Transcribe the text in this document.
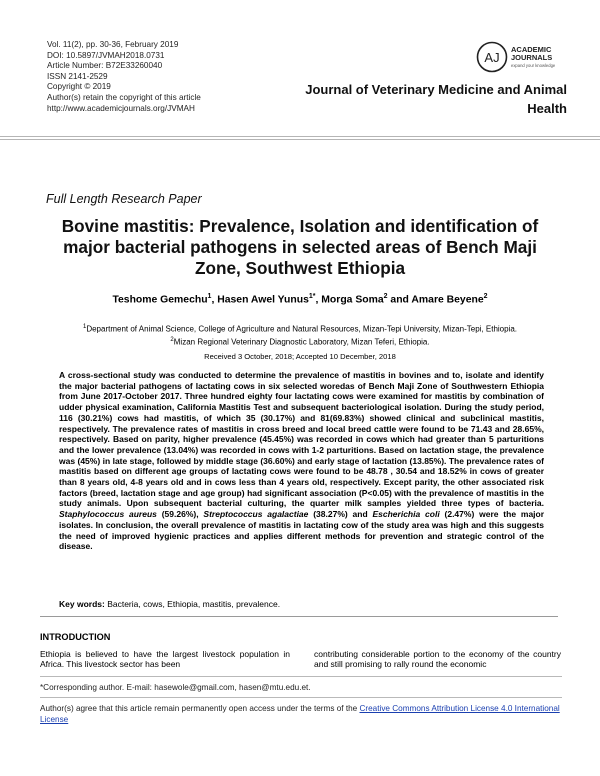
Vol. 11(2), pp. 30-36, February 2019
DOI: 10.5897/JVMAH2018.0731
Article Number: B72E33260040
ISSN 2141-2529
Copyright © 2019
Author(s) retain the copyright of this article
http://www.academicjournals.org/JVMAH
AJ
ACADEMIC
JOURNALS
expand your knowledge
Journal of Veterinary Medicine and Animal Health
Full Length Research Paper
Bovine mastitis: Prevalence, Isolation and identification of major bacterial pathogens in selected areas of Bench Maji Zone, Southwest Ethiopia
Teshome Gemechu$^1$, Hasen Awel Yunus$^{1*}$, Morga Soma$^2$ and Amare Beyene$^2$
$^1$Department of Animal Science, College of Agriculture and Natural Resources, Mizan-Tepi University, Mizan-Tepi, Ethiopia.
$^2$Mizan Regional Veterinary Diagnostic Laboratory, Mizan Teferi, Ethiopia.
Received 3 October, 2018; Accepted 10 December, 2018
A cross-sectional study was conducted to determine the prevalence of mastitis in bovines and to, isolate and identify the major bacterial pathogens of lactating cows in six selected woredas of Bench Maji Zone of Southwestern Ethiopia from June 2017-October 2017. Three hundred eighty four lactating cows were examined for mastitis by combination of udder physical examination, California Mastitis Test and subsequent bacteriological isolation. During the study period, 116 (30.21%) cows had mastitis, of which 35 (30.17%) and 81(69.83%) showed clinical and subclinical mastitis, respectively. The prevalence rates of mastitis in cross breed and local breed cattle were found to be 71.43 and 28.65%, respectively. Based on parity, higher prevalence (45.45%) was recorded in cows which had greater than 5 parturitions and the lower prevalence (13.04%) was recorded in cows with 1-2 parturitions. Based on lactation stage, the prevalence was (45%) in late stage, followed by middle stage (36.60%) and early stage of lactation (13.85%). The prevalence rates of mastitis based on different age groups of lactating cows were found to be 48.78 , 30.54 and 18.52% in cows of greater than 8 years old, 4-8 years old and in cows less than 4 years old, respectively. Except parity, the other associated risk factors (breed, lactation stage and age group) had significant association (P<0.05) with the prevalence of mastitis in the study animals. Upon subsequent bacterial culturing, the quarter milk samples yielded three types of bacteria. Staphylococcus aureus (59.26%), Streptococcus agalactiae (38.27%) and Escherichia coli (2.47%) were the major isolates. In conclusion, the overall prevalence of mastitis in lactating cow of the study area was high and this suggests the need of improved hygienic practices and applies different methods for prevention and strategic control of the disease.
Key words: Bacteria, cows, Ethiopia, mastitis, prevalence.
INTRODUCTION
Ethiopia is believed to have the largest livestock population in Africa. This livestock sector has been
contributing considerable portion to the economy of the country and still promising to rally round the economic
*Corresponding author. E-mail: hasewole@gmail.com, hasen@mtu.edu.et.
Author(s) agree that this article remain permanently open access under the terms of the Creative Commons Attribution License 4.0 International License
